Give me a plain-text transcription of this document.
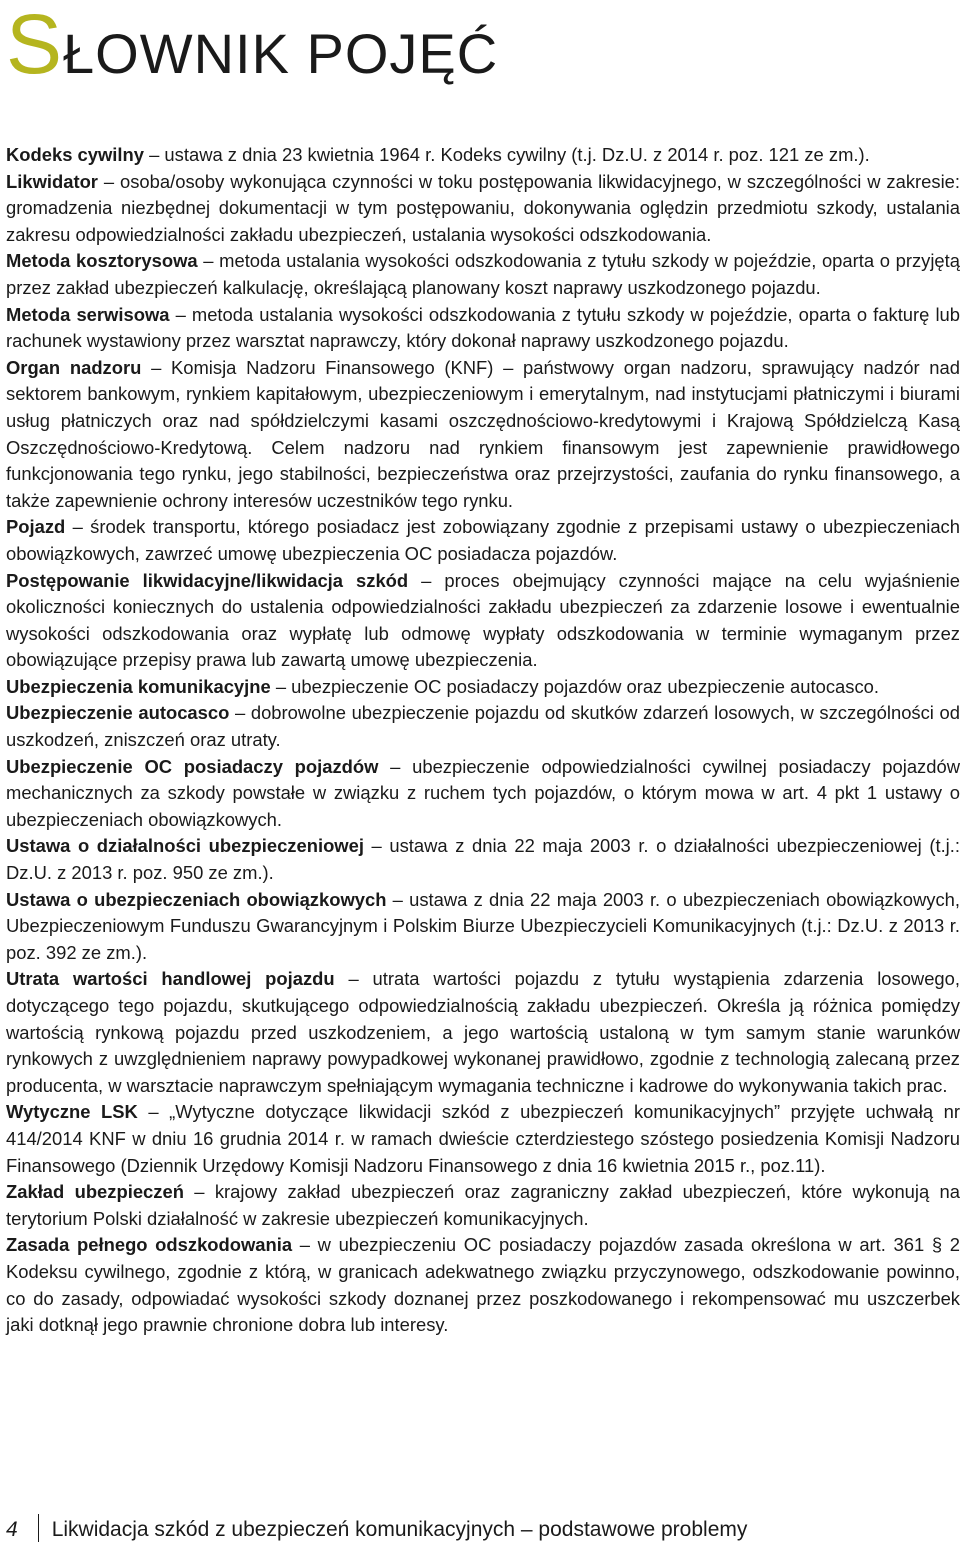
SŁOWNIK POJĘĆ

Kodeks cywilny – ustawa z dnia 23 kwietnia 1964 r. Kodeks cywilny (t.j. Dz.U. z 2014 r. poz. 121 ze zm.).

Likwidator – osoba/osoby wykonująca czynności w toku postępowania likwidacyjnego, w szczególności w zakresie: gromadzenia niezbędnej dokumentacji w tym postępowaniu, dokonywania oględzin przedmiotu szkody, ustalania zakresu odpowiedzialności zakładu ubezpieczeń, ustalania wysokości odszkodowania.

Metoda kosztorysowa – metoda ustalania wysokości odszkodowania z tytułu szkody w pojeździe, oparta o przyjętą przez zakład ubezpieczeń kalkulację, określającą planowany koszt naprawy uszkodzonego pojazdu.

Metoda serwisowa – metoda ustalania wysokości odszkodowania z tytułu szkody w pojeździe, oparta o fakturę lub rachunek wystawiony przez warsztat naprawczy, który dokonał naprawy uszkodzonego pojazdu.

Organ nadzoru – Komisja Nadzoru Finansowego (KNF) – państwowy organ nadzoru, sprawujący nadzór nad sektorem bankowym, rynkiem kapitałowym, ubezpieczeniowym i emerytalnym, nad instytucjami płatniczymi i biurami usług płatniczych oraz nad spółdzielczymi kasami oszczędnościowo-kredytowymi i Krajową Spółdzielczą Kasą Oszczędnościowo-Kredytową. Celem nadzoru nad rynkiem finansowym jest zapewnienie prawidłowego funkcjonowania tego rynku, jego stabilności, bezpieczeństwa oraz przejrzystości, zaufania do rynku finansowego, a także zapewnienie ochrony interesów uczestników tego rynku.

Pojazd – środek transportu, którego posiadacz jest zobowiązany zgodnie z przepisami ustawy o ubezpieczeniach obowiązkowych, zawrzeć umowę ubezpieczenia OC posiadacza pojazdów.

Postępowanie likwidacyjne/likwidacja szkód – proces obejmujący czynności mające na celu wyjaśnienie okoliczności koniecznych do ustalenia odpowiedzialności zakładu ubezpieczeń za zdarzenie losowe i ewentualnie wysokości odszkodowania oraz wypłatę lub odmowę wypłaty odszkodowania w terminie wymaganym przez obowiązujące przepisy prawa lub zawartą umowę ubezpieczenia.

Ubezpieczenia komunikacyjne – ubezpieczenie OC posiadaczy pojazdów oraz ubezpieczenie autocasco.

Ubezpieczenie autocasco – dobrowolne ubezpieczenie pojazdu od skutków zdarzeń losowych, w szczególności od uszkodzeń, zniszczeń oraz utraty.

Ubezpieczenie OC posiadaczy pojazdów – ubezpieczenie odpowiedzialności cywilnej posiadaczy pojazdów mechanicznych za szkody powstałe w związku z ruchem tych pojazdów, o którym mowa w art. 4 pkt 1 ustawy o ubezpieczeniach obowiązkowych.

Ustawa o działalności ubezpieczeniowej – ustawa z dnia 22 maja 2003 r. o działalności ubezpieczeniowej (t.j.: Dz.U. z 2013 r. poz. 950 ze zm.).

Ustawa o ubezpieczeniach obowiązkowych – ustawa z dnia 22 maja 2003 r. o ubezpieczeniach obowiązkowych, Ubezpieczeniowym Funduszu Gwarancyjnym i Polskim Biurze Ubezpieczycieli Komunikacyjnych (t.j.: Dz.U. z 2013 r. poz. 392 ze zm.).

Utrata wartości handlowej pojazdu – utrata wartości pojazdu z tytułu wystąpienia zdarzenia losowego, dotyczącego tego pojazdu, skutkującego odpowiedzialnością zakładu ubezpieczeń. Określa ją różnica pomiędzy wartością rynkową pojazdu przed uszkodzeniem, a jego wartością ustaloną w tym samym stanie warunków rynkowych z uwzględnieniem naprawy powypadkowej wykonanej prawidłowo, zgodnie z technologią zalecaną przez producenta, w warsztacie naprawczym spełniającym wymagania techniczne i kadrowe do wykonywania takich prac.

Wytyczne LSK – „Wytyczne dotyczące likwidacji szkód z ubezpieczeń komunikacyjnych” przyjęte uchwałą nr 414/2014 KNF w dniu 16 grudnia 2014 r. w ramach dwieście czterdziestego szóstego posiedzenia Komisji Nadzoru Finansowego (Dziennik Urzędowy Komisji Nadzoru Finansowego z dnia 16 kwietnia 2015 r., poz.11).

Zakład ubezpieczeń – krajowy zakład ubezpieczeń oraz zagraniczny zakład ubezpieczeń, które wykonują na terytorium Polski działalność w zakresie ubezpieczeń komunikacyjnych.

Zasada pełnego odszkodowania – w ubezpieczeniu OC posiadaczy pojazdów zasada określona w art. 361 § 2 Kodeksu cywilnego, zgodnie z którą, w granicach adekwatnego związku przyczynowego, odszkodowanie powinno, co do zasady, odpowiadać wysokości szkody doznanej przez poszkodowanego i rekompensować mu uszczerbek jaki dotknął jego prawnie chronione dobra lub interesy.

4 Likwidacja szkód z ubezpieczeń komunikacyjnych – podstawowe problemy
